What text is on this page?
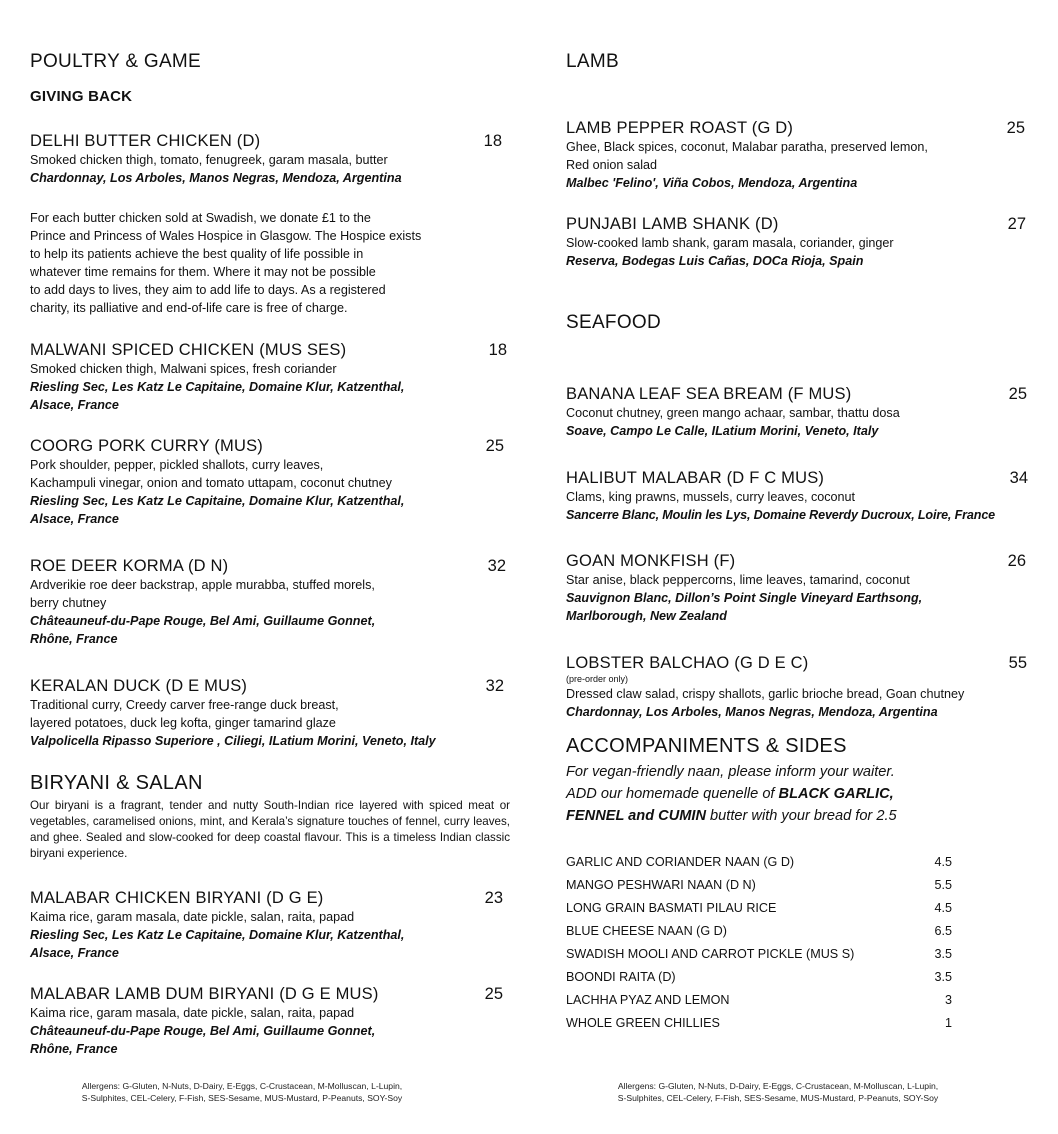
POULTRY & GAME
GIVING BACK
DELHI BUTTER CHICKEN (D)	18
Smoked chicken thigh, tomato, fenugreek, garam masala, butter
Chardonnay, Los Arboles, Manos Negras, Mendoza, Argentina
For each butter chicken sold at Swadish, we donate £1 to the
Prince and Princess of Wales Hospice in Glasgow. The Hospice exists
to help its patients achieve the best quality of life possible in
whatever time remains for them. Where it may not be possible
to add days to lives, they aim to add life to days. As a registered
charity, its palliative and end-of-life care is free of charge.
MALWANI SPICED CHICKEN (MUS SES)	18
Smoked chicken thigh, Malwani spices, fresh coriander
Riesling Sec, Les Katz Le Capitaine, Domaine Klur, Katzenthal,
Alsace, France
COORG PORK CURRY (MUS)	25
Pork shoulder, pepper, pickled shallots, curry leaves,
Kachampuli vinegar, onion and tomato uttapam, coconut chutney
Riesling Sec, Les Katz Le Capitaine, Domaine Klur, Katzenthal,
Alsace, France
ROE DEER KORMA (D N)	32
Ardverikie roe deer backstrap, apple murabba, stuffed morels,
berry chutney
Châteauneuf-du-Pape Rouge, Bel Ami, Guillaume Gonnet,
Rhône, France
KERALAN DUCK (D E MUS)	32
Traditional curry, Creedy carver free-range duck breast,
layered potatoes, duck leg kofta, ginger tamarind glaze
Valpolicella Ripasso Superiore , Ciliegi, ILatium Morini, Veneto, Italy
BIRYANI & SALAN
Our biryani is a fragrant, tender and nutty South-Indian rice layered with spiced meat or vegetables, caramelised onions, mint, and Kerala’s signature touches of fennel, curry leaves, and ghee. Sealed and slow-cooked for deep coastal flavour. This is a timeless Indian classic biryani experience.
MALABAR CHICKEN BIRYANI (D G E)	23
Kaima rice, garam masala, date pickle, salan, raita, papad
Riesling Sec, Les Katz Le Capitaine, Domaine Klur, Katzenthal,
Alsace, France
MALABAR LAMB DUM BIRYANI (D G E MUS)	25
Kaima rice, garam masala, date pickle, salan, raita, papad
Châteauneuf-du-Pape Rouge, Bel Ami, Guillaume Gonnet,
Rhône, France
Allergens: G-Gluten, N-Nuts, D-Dairy, E-Eggs, C-Crustacean, M-Molluscan, L-Lupin,
S-Sulphites, CEL-Celery, F-Fish, SES-Sesame, MUS-Mustard, P-Peanuts, SOY-Soy
LAMB
LAMB PEPPER ROAST (G D)	25
Ghee, Black spices, coconut, Malabar paratha, preserved lemon,
Red onion salad
Malbec 'Felino', Viña Cobos, Mendoza, Argentina
PUNJABI LAMB SHANK (D)	27
Slow-cooked lamb shank, garam masala, coriander, ginger
Reserva, Bodegas Luis Cañas, DOCa Rioja, Spain
SEAFOOD
BANANA LEAF SEA BREAM (F MUS)	25
Coconut chutney, green mango achaar, sambar, thattu dosa
Soave, Campo Le Calle, ILatium Morini, Veneto, Italy
HALIBUT MALABAR (D F C MUS)	34
Clams, king prawns, mussels, curry leaves, coconut
Sancerre Blanc, Moulin les Lys, Domaine Reverdy Ducroux, Loire, France
GOAN MONKFISH (F)	26
Star anise, black peppercorns, lime leaves, tamarind, coconut
Sauvignon Blanc, Dillon’s Point Single Vineyard Earthsong,
Marlborough, New Zealand
LOBSTER BALCHAO (G D E C)	55
(pre-order only)
Dressed claw salad, crispy shallots, garlic brioche bread, Goan chutney
Chardonnay, Los Arboles, Manos Negras, Mendoza, Argentina
ACCOMPANIMENTS & SIDES
For vegan-friendly naan, please inform your waiter.
ADD our homemade quenelle of BLACK GARLIC,
FENNEL and CUMIN butter with your bread for 2.5
GARLIC AND CORIANDER NAAN (G D)	4.5
MANGO PESHWARI NAAN (D N)	5.5
LONG GRAIN BASMATI PILAU RICE	4.5
BLUE CHEESE NAAN (G D)	6.5
SWADISH MOOLI AND CARROT PICKLE (MUS S)	3.5
BOONDI RAITA (D)	3.5
LACHHA PYAZ AND LEMON	3
WHOLE GREEN CHILLIES	1
Allergens: G-Gluten, N-Nuts, D-Dairy, E-Eggs, C-Crustacean, M-Molluscan, L-Lupin,
S-Sulphites, CEL-Celery, F-Fish, SES-Sesame, MUS-Mustard, P-Peanuts, SOY-Soy
